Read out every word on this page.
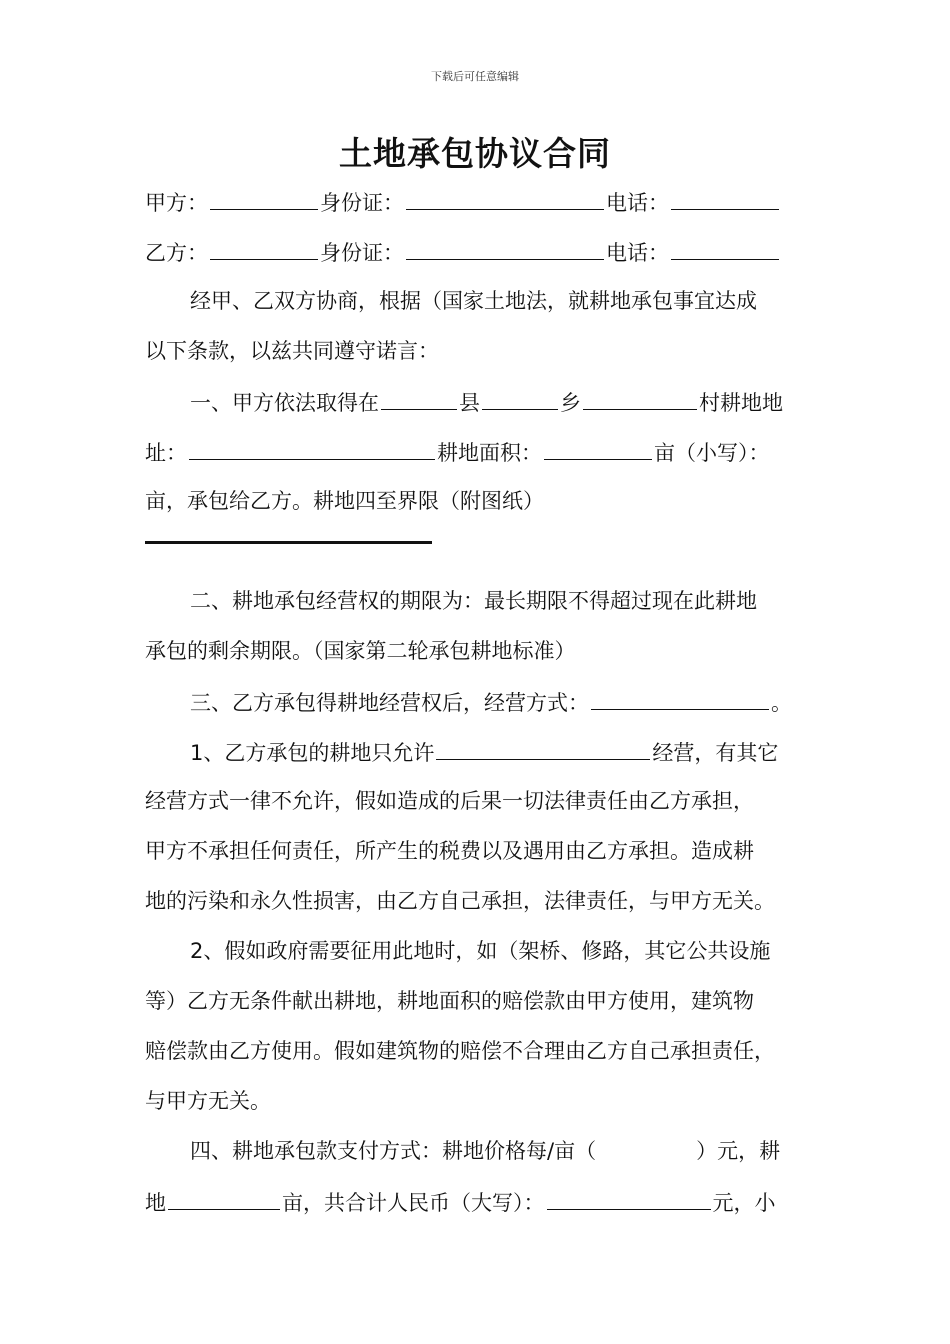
下载后可任意编辑
土地承包协议合同
甲方：	身份证：	电话：
乙方：	身份证：	电话：
经甲、乙双方协商，根据（国家土地法，就耕地承包事宜达成
以下条款，以兹共同遵守诺言：
一、甲方依法取得在	县	乡	村耕地地
址：	耕地面积：	亩（小写）：
亩，承包给乙方。耕地四至界限（附图纸）
二、耕地承包经营权的期限为：最长期限不得超过现在此耕地
承包的剩余期限。（国家第二轮承包耕地标准）
三、乙方承包得耕地经营权后，经营方式：	。
1、乙方承包的耕地只允许	经营，有其它
经营方式一律不允许，假如造成的后果一切法律责任由乙方承担，
甲方不承担任何责任，所产生的税费以及遇用由乙方承担。造成耕
地的污染和永久性损害，由乙方自己承担，法律责任，与甲方无关。
2、假如政府需要征用此地时，如（架桥、修路，其它公共设施
等）乙方无条件献出耕地，耕地面积的赔偿款由甲方使用，建筑物
赔偿款由乙方使用。假如建筑物的赔偿不合理由乙方自己承担责任，
与甲方无关。
四、耕地承包款支付方式：耕地价格每/亩（	）元，耕
地	亩，共合计人民币（大写）：	元，小
